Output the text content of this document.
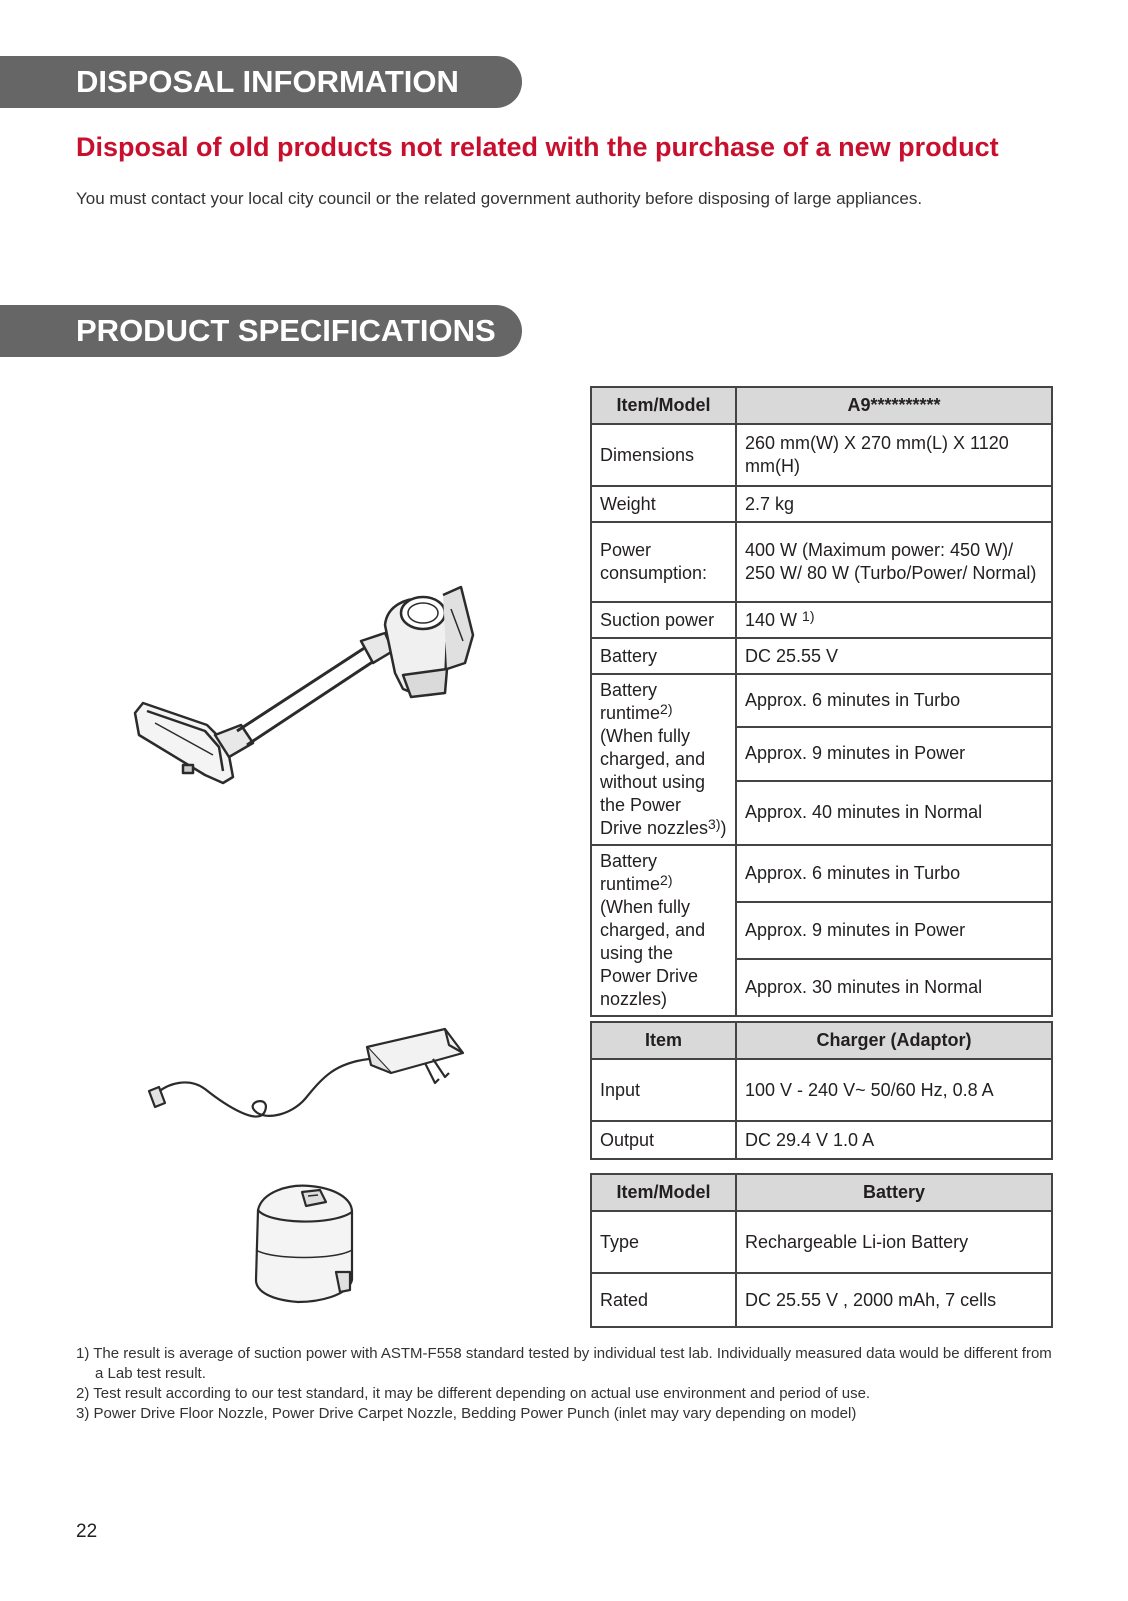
DISPOSAL INFORMATION
Disposal of old products not related with the purchase of a new product
You must contact your local city council or the related government authority before disposing of large appliances.
PRODUCT SPECIFICATIONS
Item/Model	A9**********
Dimensions	260 mm(W) X 270 mm(L) X 1120 mm(H)
Weight	2.7 kg
Power consumption:	400 W (Maximum power: 450 W)/ 250 W/ 80 W (Turbo/Power/ Normal)
Suction power	140 W $^{1)}$
Battery	DC 25.55 V
Battery runtime$^{2)}$ (When fully charged, and without using the Power Drive nozzles$^{3)}$)	Approx. 6 minutes in Turbo
	Approx. 9 minutes in Power
	Approx. 40 minutes in Normal
Battery runtime$^{2)}$ (When fully charged, and using the Power Drive nozzles)	Approx. 6 minutes in Turbo
	Approx. 9 minutes in Power
	Approx. 30 minutes in Normal
Item	Charger (Adaptor)
Input	100 V - 240 V~ 50/60 Hz, 0.8 A
Output	DC 29.4 V 1.0 A
Item/Model	Battery
Type	Rechargeable Li-ion Battery
Rated	DC 25.55 V , 2000 mAh, 7 cells
1) The result is average of suction power with ASTM-F558 standard tested by individual test lab. Individually measured data would be different from a Lab test result.
2) Test result according to our test standard, it may be different depending on actual use environment and period of use.
3) Power Drive Floor Nozzle, Power Drive Carpet Nozzle, Bedding Power Punch (inlet may vary depending on model)
22
